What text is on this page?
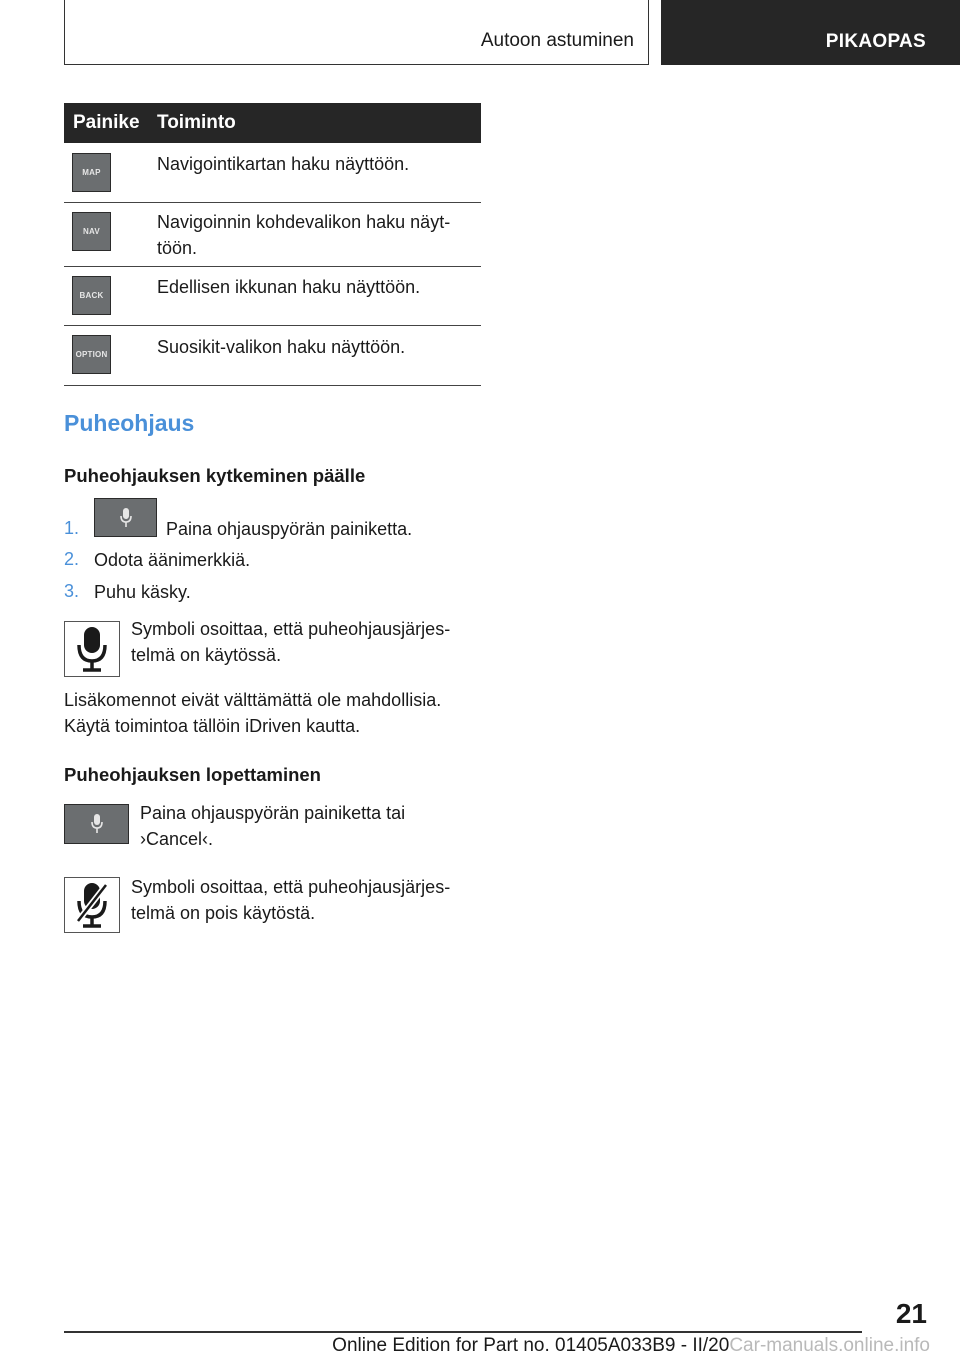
Autoon astuminen	PIKAOPAS
Painike Toiminto
MAP	Navigointikartan haku näyttöön.
NAV	Navigoinnin kohdevalikon haku näyt‐töön.
BACK	Edellisen ikkunan haku näyttöön.
OPTION	Suosikit-valikon haku näyttöön.
Puheohjaus
Puheohjauksen kytkeminen päälle
1.	Paina ohjauspyörän painiketta.
2. Odota äänimerkkiä.
3. Puhu käsky.
Symboli osoittaa, että puheohjausjärjes‐telmä on käytössä.
Lisäkomennot eivät välttämättä ole mahdollisia. Käytä toimintoa tällöin iDriven kautta.
Puheohjauksen lopettaminen
Paina ohjauspyörän painiketta tai ›Cancel‹.
Symboli osoittaa, että puheohjausjärjes‐telmä on pois käytöstä.
21
Online Edition for Part no. 01405A033B9 - II/20Car-manuals.online.info
